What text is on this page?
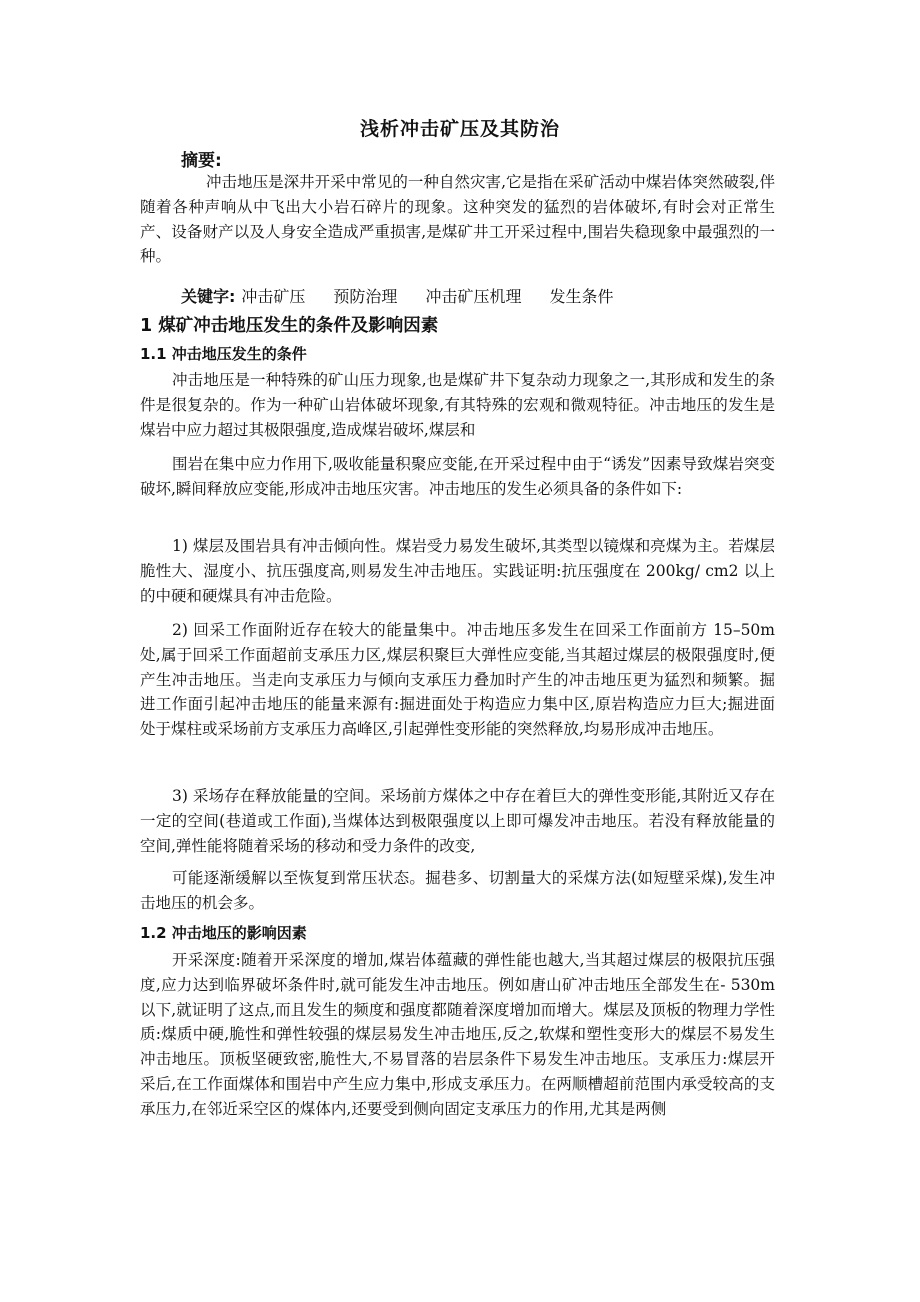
浅析冲击矿压及其防治
摘要:
冲击地压是深井开采中常见的一种自然灾害,它是指在采矿活动中煤岩体突然破裂,伴随着各种声响从中飞出大小岩石碎片的现象。这种突发的猛烈的岩体破坏,有时会对正常生产、设备财产以及人身安全造成严重损害,是煤矿井工开采过程中,围岩失稳现象中最强烈的一种。
关键字: 冲击矿压 预防治理 冲击矿压机理 发生条件
1 煤矿冲击地压发生的条件及影响因素
1.1 冲击地压发生的条件
冲击地压是一种特殊的矿山压力现象,也是煤矿井下复杂动力现象之一,其形成和发生的条件是很复杂的。作为一种矿山岩体破坏现象,有其特殊的宏观和微观特征。冲击地压的发生是煤岩中应力超过其极限强度,造成煤岩破坏,煤层和
围岩在集中应力作用下,吸收能量积聚应变能,在开采过程中由于“诱发”因素导致煤岩突变破坏,瞬间释放应变能,形成冲击地压灾害。冲击地压的发生必须具备的条件如下:
1) 煤层及围岩具有冲击倾向性。煤岩受力易发生破坏,其类型以镜煤和亮煤为主。若煤层脆性大、湿度小、抗压强度高,则易发生冲击地压。实践证明:抗压强度在 200kg/ cm2 以上的中硬和硬煤具有冲击危险。
2) 回采工作面附近存在较大的能量集中。冲击地压多发生在回采工作面前方 15–50m 处,属于回采工作面超前支承压力区,煤层积聚巨大弹性应变能,当其超过煤层的极限强度时,便产生冲击地压。当走向支承压力与倾向支承压力叠加时产生的冲击地压更为猛烈和频繁。掘进工作面引起冲击地压的能量来源有:掘进面处于构造应力集中区,原岩构造应力巨大;掘进面处于煤柱或采场前方支承压力高峰区,引起弹性变形能的突然释放,均易形成冲击地压。
3) 采场存在释放能量的空间。采场前方煤体之中存在着巨大的弹性变形能,其附近又存在一定的空间(巷道或工作面),当煤体达到极限强度以上即可爆发冲击地压。若没有释放能量的空间,弹性能将随着采场的移动和受力条件的改变,
可能逐渐缓解以至恢复到常压状态。掘巷多、切割量大的采煤方法(如短壁采煤),发生冲击地压的机会多。
1.2 冲击地压的影响因素
开采深度:随着开采深度的增加,煤岩体蕴藏的弹性能也越大,当其超过煤层的极限抗压强度,应力达到临界破坏条件时,就可能发生冲击地压。例如唐山矿冲击地压全部发生在- 530m 以下,就证明了这点,而且发生的频度和强度都随着深度增加而增大。煤层及顶板的物理力学性质:煤质中硬,脆性和弹性较强的煤层易发生冲击地压,反之,软煤和塑性变形大的煤层不易发生冲击地压。顶板坚硬致密,脆性大,不易冒落的岩层条件下易发生冲击地压。支承压力:煤层开采后,在工作面煤体和围岩中产生应力集中,形成支承压力。在两顺槽超前范围内承受较高的支承压力,在邻近采空区的煤体内,还要受到侧向固定支承压力的作用,尤其是两侧
